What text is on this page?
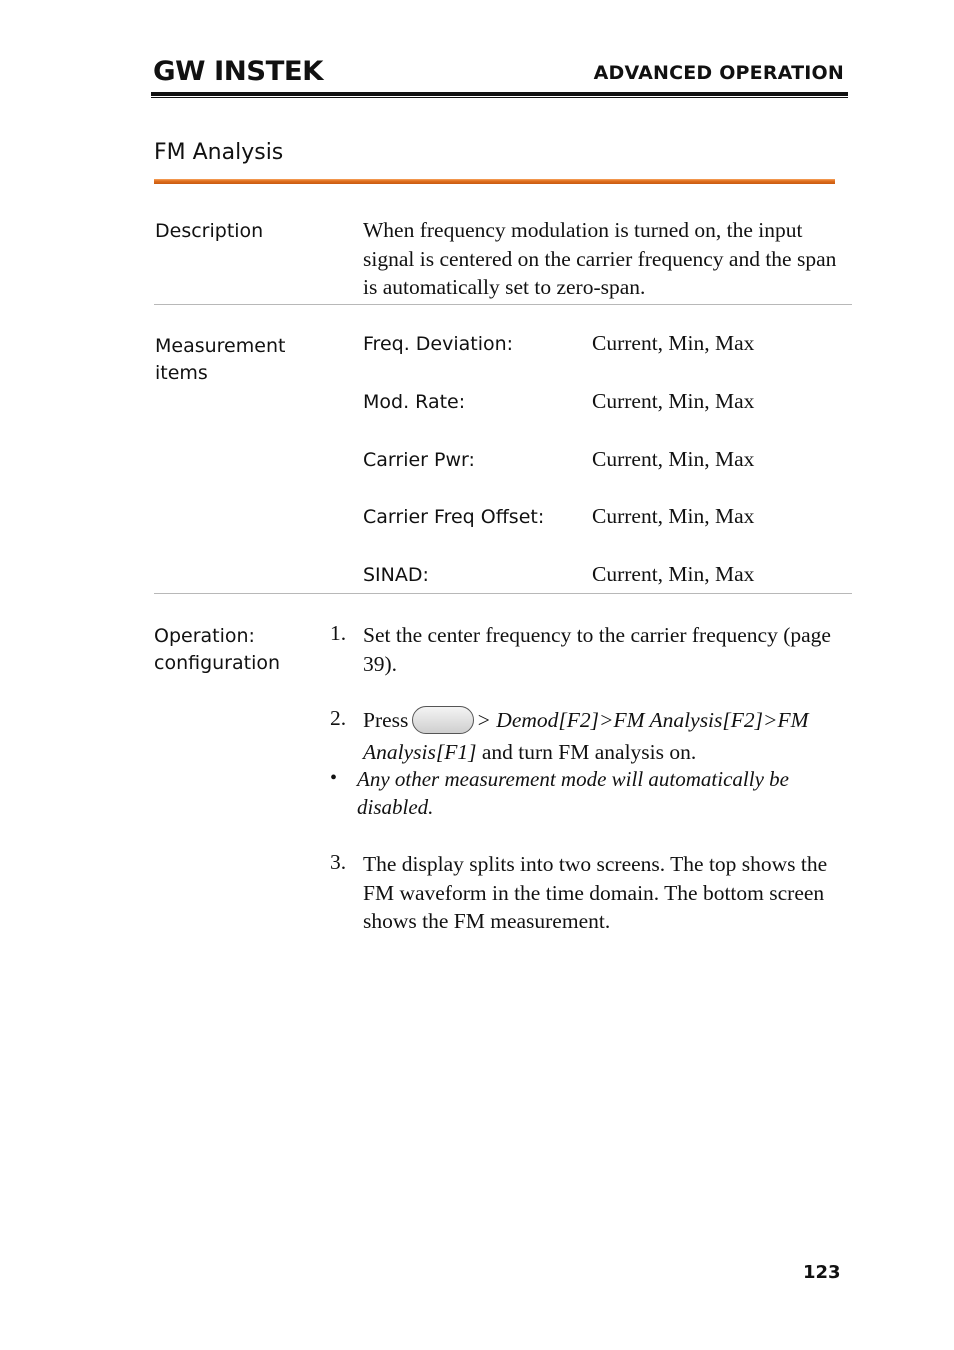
GW INSTEK	ADVANCED OPERATION
FM Analysis
Description	When frequency modulation is turned on, the input signal is centered on the carrier frequency and the span is automatically set to zero-span.
Measurement items
Freq. Deviation:	Current, Min, Max
Mod. Rate:	Current, Min, Max
Carrier Pwr:	Current, Min, Max
Carrier Freq Offset: Current, Min, Max
SINAD:	Current, Min, Max
Operation: configuration
1. Set the center frequency to the carrier frequency (page 39).
2. Press	> Demod[F2]>FM Analysis[F2]>FM Analysis[F1] and turn FM analysis on.
• Any other measurement mode will automatically be disabled.
3. The display splits into two screens. The top shows the FM waveform in the time domain. The bottom screen shows the FM measurement.
123
